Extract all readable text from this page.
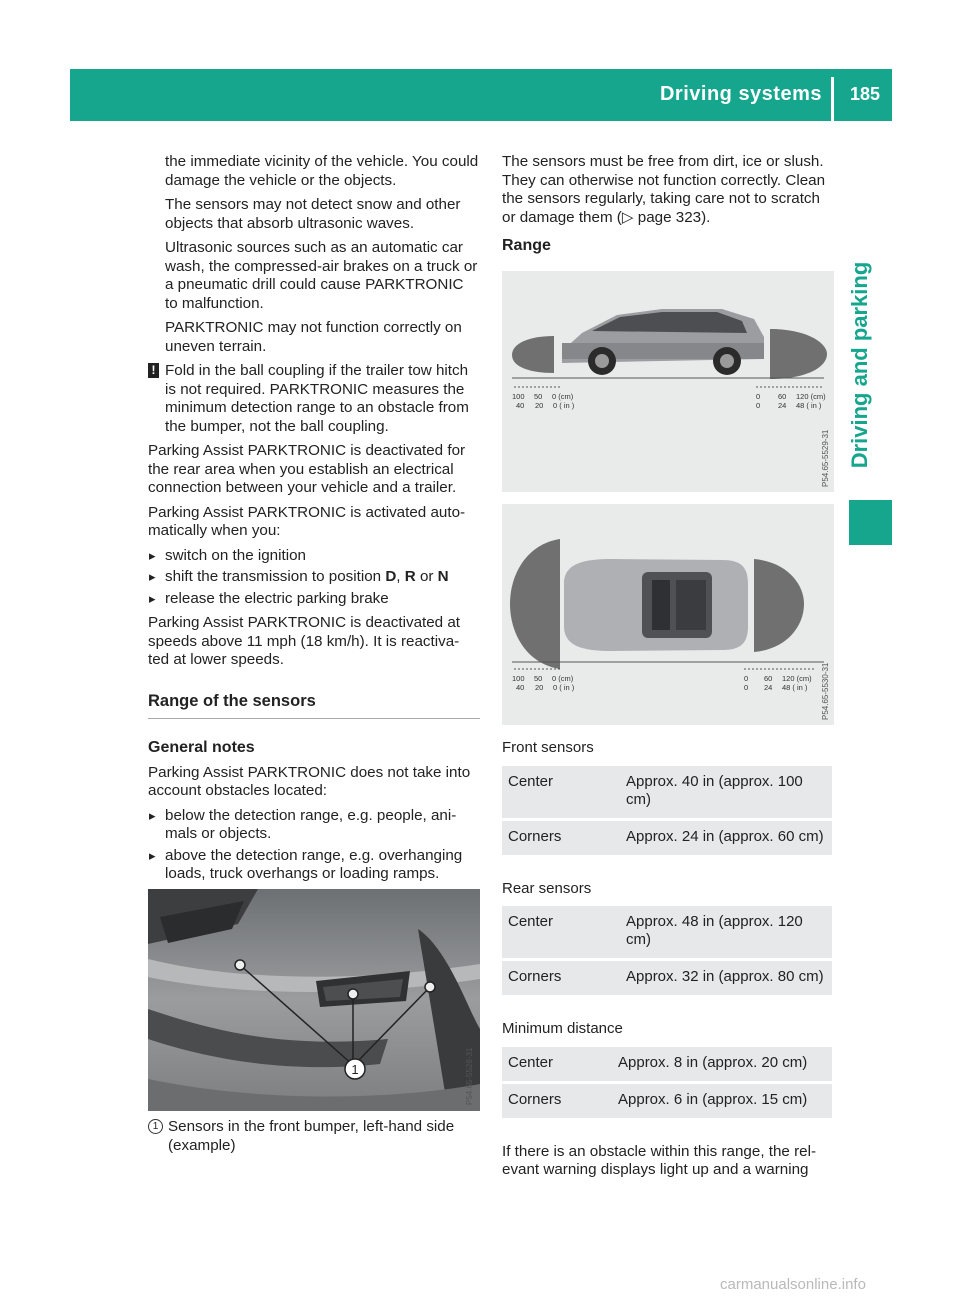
Driving systems	185
Driving and parking

the immediate vicinity of the vehicle. You could damage the vehicle or the objects.

The sensors may not detect snow and other objects that absorb ultrasonic waves.

Ultrasonic sources such as an automatic car wash, the compressed-air brakes on a truck or a pneumatic drill could cause PARKTRONIC to malfunction.

PARKTRONIC may not function correctly on uneven terrain.

! Fold in the ball coupling if the trailer tow hitch is not required. PARKTRONIC measures the minimum detection range to an obstacle from the bumper, not the ball coupling.

Parking Assist PARKTRONIC is deactivated for the rear area when you establish an electrical connection between your vehicle and a trailer.

Parking Assist PARKTRONIC is activated auto-matically when you:

▸ switch on the ignition
▸ shift the transmission to position D, R or N
▸ release the electric parking brake

Parking Assist PARKTRONIC is deactivated at speeds above 11 mph (18 km/h). It is reactiva-ted at lower speeds.

Range of the sensors
General notes

Parking Assist PARKTRONIC does not take into account obstacles located:

▸ below the detection range, e.g. people, ani-mals or objects.
▸ above the detection range, e.g. overhanging loads, truck overhangs or loading ramps.
1	P54.65-5528-31

1 Sensors in the front bumper, left-hand side (example)

The sensors must be free from dirt, ice or slush. They can otherwise not function correctly. Clean the sensors regularly, taking care not to scratch or damage them (▷ page 323).

Range
100 50 0 (cm)
40 20 0 ( in )
0 60 120 (cm)
0 24 48 ( in )
P54.65-5529-31
100 50 0 (cm)
40 20 0 ( in )
0 60 120 (cm)
0 24 48 ( in ) P54.65-5530-31
Front sensors
Center	Approx. 40 in (approx. 100 cm)
Corners	Approx. 24 in (approx. 60 cm)
Rear sensors
Center	Approx. 48 in (approx. 120 cm)
Corners	Approx. 32 in (approx. 80 cm)
Minimum distance
Center	Approx. 8 in (approx. 20 cm)
Corners	Approx. 6 in (approx. 15 cm)

If there is an obstacle within this range, the rel-evant warning displays light up and a warning

carmanualsonline.info
